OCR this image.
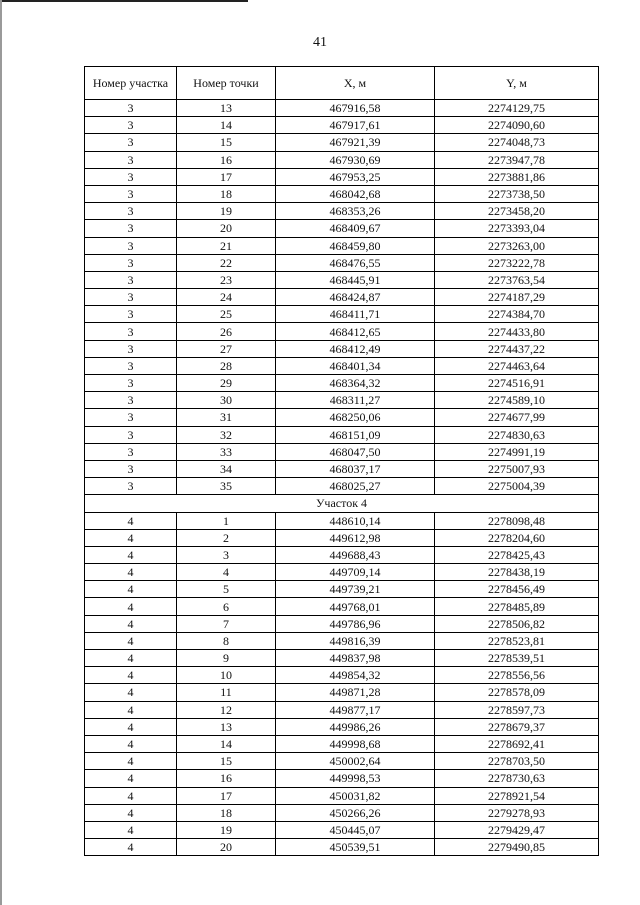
41
Номер участка	Номер точки	X, м	Y, м
3	13	467916,58	2274129,75
3	14	467917,61	2274090,60
3	15	467921,39	2274048,73
3	16	467930,69	2273947,78
3	17	467953,25	2273881,86
3	18	468042,68	2273738,50
3	19	468353,26	2273458,20
3	20	468409,67	2273393,04
3	21	468459,80	2273263,00
3	22	468476,55	2273222,78
3	23	468445,91	2273763,54
3	24	468424,87	2274187,29
3	25	468411,71	2274384,70
3	26	468412,65	2274433,80
3	27	468412,49	2274437,22
3	28	468401,34	2274463,64
3	29	468364,32	2274516,91
3	30	468311,27	2274589,10
3	31	468250,06	2274677,99
3	32	468151,09	2274830,63
3	33	468047,50	2274991,19
3	34	468037,17	2275007,93
3	35	468025,27	2275004,39
Участок 4			
4	1	448610,14	2278098,48
4	2	449612,98	2278204,60
4	3	449688,43	2278425,43
4	4	449709,14	2278438,19
4	5	449739,21	2278456,49
4	6	449768,01	2278485,89
4	7	449786,96	2278506,82
4	8	449816,39	2278523,81
4	9	449837,98	2278539,51
4	10	449854,32	2278556,56
4	11	449871,28	2278578,09
4	12	449877,17	2278597,73
4	13	449986,26	2278679,37
4	14	449998,68	2278692,41
4	15	450002,64	2278703,50
4	16	449998,53	2278730,63
4	17	450031,82	2278921,54
4	18	450266,26	2279278,93
4	19	450445,07	2279429,47
4	20	450539,51	2279490,85
